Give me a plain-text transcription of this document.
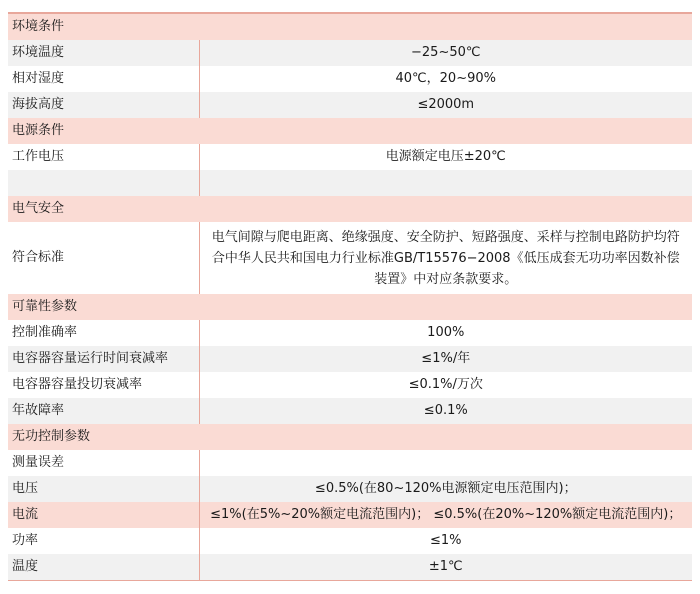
环境条件	
环境温度	−25~50℃
相对湿度	40℃，20~90%
海拔高度	≤2000m
电源条件	
工作电压	电源额定电压±20℃

电气安全	
符合标准	电气间隙与爬电距离、绝缘强度、安全防护、短路强度、采样与控制电路防护均符合中华人民共和国电力行业标准GB/T15576−2008《低压成套无功功率因数补偿装置》中对应条款要求。
可靠性参数	
控制准确率	100%
电容器容量运行时间衰减率	≤1%/年
电容器容量投切衰减率	≤0.1%/万次
年故障率	≤0.1%
无功控制参数	
测量误差	
电压	≤0.5%(在80~120%电源额定电压范围内)；
电流	≤1%(在5%~20%额定电流范围内)； ≤0.5%(在20%~120%额定电流范围内)；
功率	≤1%
温度	±1℃
